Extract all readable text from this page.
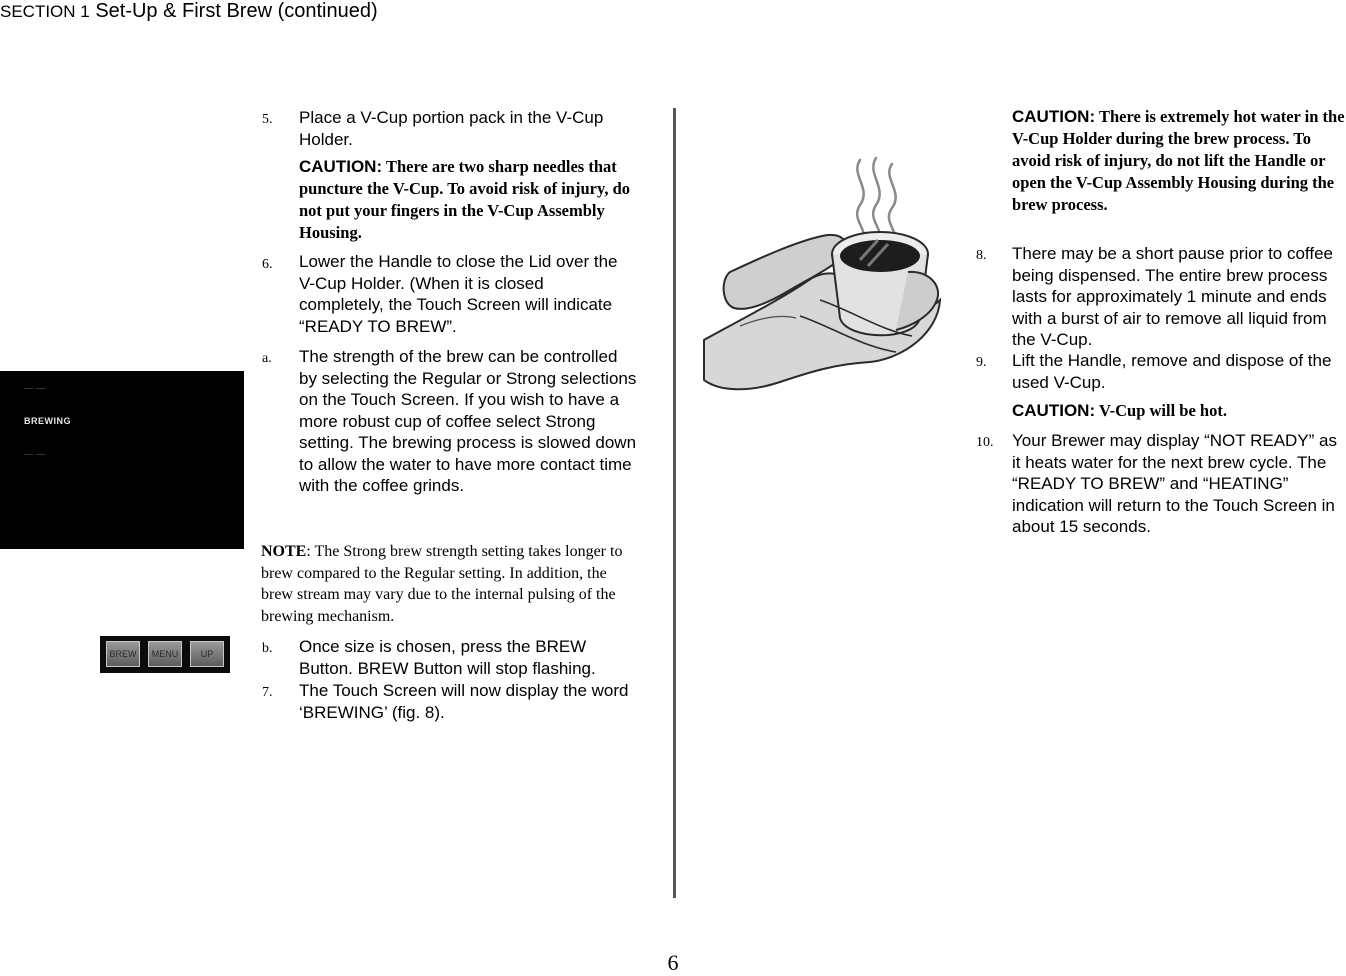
SECTION 1 Set-Up & First Brew (continued)
— —
BREWING
— —
BREW	MENU	UP
5. Place a V-Cup portion pack in the V-Cup Holder.
CAUTION: There are two sharp needles that puncture the V-Cup. To avoid risk of injury, do not put your fingers in the V-Cup Assembly Housing.
6. Lower the Handle to close the Lid over the V-Cup Holder. (When it is closed completely, the Touch Screen will indicate “READY TO BREW”.
a. The strength of the brew can be controlled by selecting the Regular or Strong selections on the Touch Screen. If you wish to have a more robust cup of coffee select Strong setting. The brewing process is slowed down to allow the water to have more contact time with the coffee grinds.
NOTE: The Strong brew strength setting takes longer to brew compared to the Regular setting. In addition, the brew stream may vary due to the internal pulsing of the brewing mechanism.
b. Once size is chosen, press the BREW Button. BREW Button will stop flashing.
7. The Touch Screen will now display the word ‘BREWING’ (fig. 8).
CAUTION: There is extremely hot water in the V-Cup Holder during the brew process. To avoid risk of injury, do not lift the Handle or open the V-Cup Assembly Housing during the brew process.
8. There may be a short pause prior to coffee being dispensed. The entire brew process lasts for approximately 1 minute and ends with a burst of air to remove all liquid from the V-Cup.
9. Lift the Handle, remove and dispose of the used V-Cup.
CAUTION: V-Cup will be hot.
10. Your Brewer may display “NOT READY” as it heats water for the next brew cycle. The “READY TO BREW” and “HEATING” indication will return to the Touch Screen in about 15 seconds.
6
